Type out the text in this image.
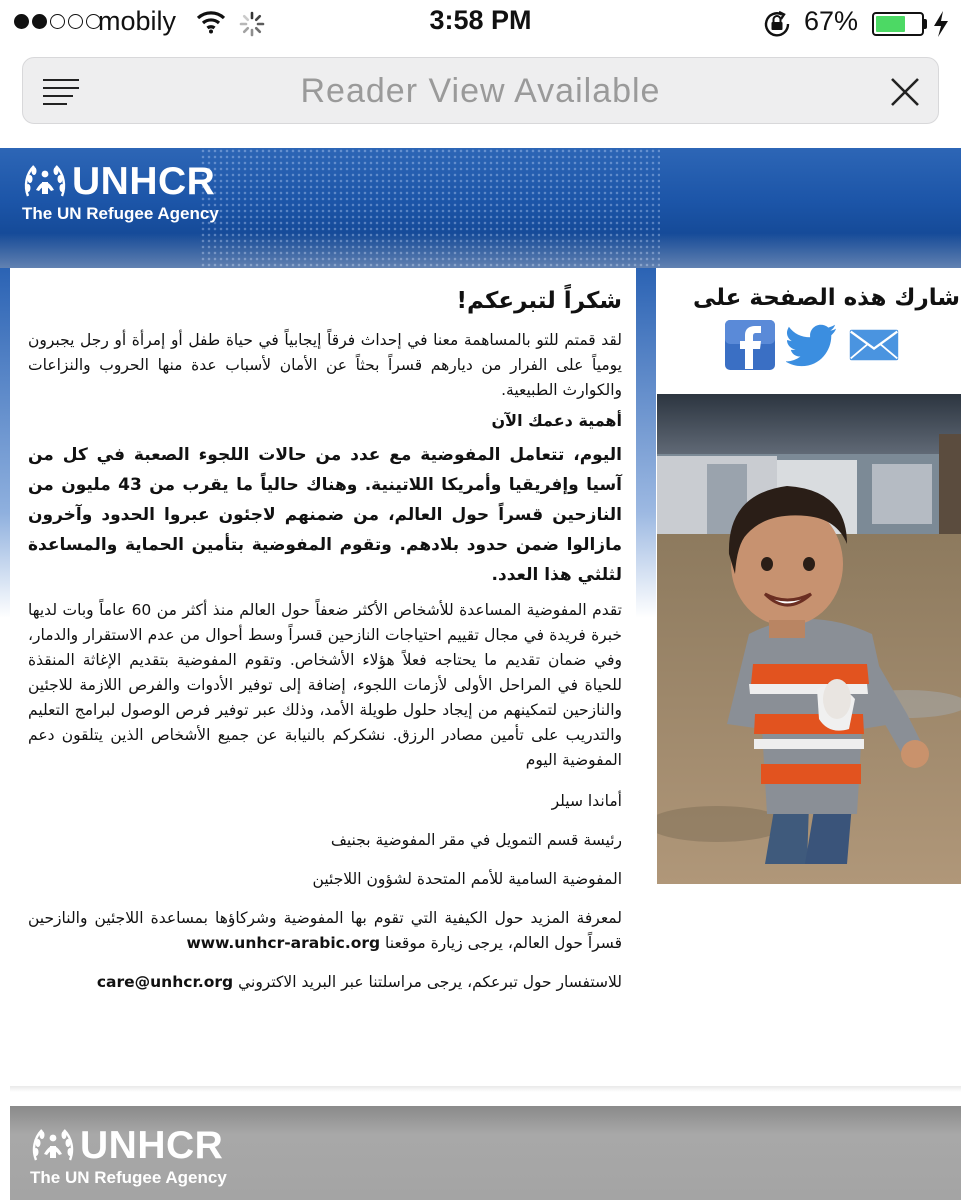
mobily	3:58 PM	67%
Reader View Available
UNHCR
The UN Refugee Agency
شكراً لتبرعكم!

لقد قمتم للتو بالمساهمة معنا في إحداث فرقاً إيجابياً في حياة طفل أو إمرأة أو رجل يجبرون يومياً على الفرار من ديارهم قسراً بحثاً عن الأمان لأسباب عدة منها الحروب والنزاعات والكوارث الطبيعية.

أهمية دعمك الآن

اليوم، تتعامل المفوضية مع عدد من حالات اللجوء الصعبة في كل من آسيا وإفريقيا وأمريكا اللاتينية. وهناك حالياً ما يقرب من 43 مليون من النازحين قسراً حول العالم، من ضمنهم لاجئون عبروا الحدود وآخرون مازالوا ضمن حدود بلادهم. وتقوم المفوضية بتأمين الحماية والمساعدة لثلثي هذا العدد.

تقدم المفوضية المساعدة للأشخاص الأكثر ضعفاً حول العالم منذ أكثر من 60 عاماً وبات لديها خبرة فريدة في مجال تقييم احتياجات النازحين قسراً وسط أحوال من عدم الاستقرار والدمار، وفي ضمان تقديم ما يحتاجه فعلاً هؤلاء الأشخاص. وتقوم المفوضية بتقديم الإغاثة المنقذة للحياة في المراحل الأولى لأزمات اللجوء، إضافة إلى توفير الأدوات والفرص اللازمة للاجئين والنازحين لتمكينهم من إيجاد حلول طويلة الأمد، وذلك عبر توفير فرص الوصول لبرامج التعليم والتدريب على تأمين مصادر الرزق. نشكركم بالنيابة عن جميع الأشخاص الذين يتلقون دعم المفوضية اليوم

أماندا سيلر

رئيسة قسم التمويل في مقر المفوضية بجنيف

المفوضية السامية للأمم المتحدة لشؤون اللاجئين

لمعرفة المزيد حول الكيفية التي تقوم بها المفوضية وشركاؤها بمساعدة اللاجئين والنازحين قسراً حول العالم، يرجى زيارة موقعنا www.unhcr-arabic.org

للاستفسار حول تبرعكم، يرجى مراسلتنا عبر البريد الاكتروني care@unhcr.org

شارك هذه الصفحة على
UNHCR
The UN Refugee Agency
